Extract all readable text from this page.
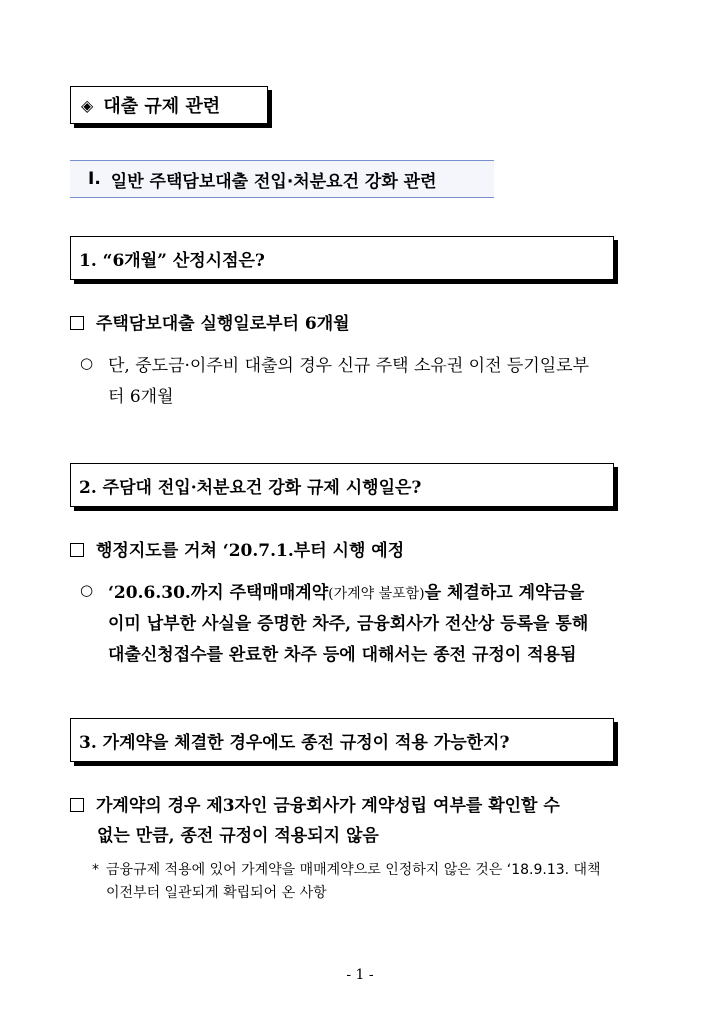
◈ 대출 규제 관련
Ⅰ. 일반 주택담보대출 전입·처분요건 강화 관련
1. “6개월” 산정시점은?
주택담보대출 실행일로부터 6개월
○ 단, 중도금·이주비 대출의 경우 신규 주택 소유권 이전 등기일로부
터 6개월
2. 주담대 전입·처분요건 강화 규제 시행일은?
행정지도를 거쳐 ‘20.7.1.부터 시행 예정
○ ‘20.6.30.까지 주택매매계약(가계약 불포함)을 체결하고 계약금을
이미 납부한 사실을 증명한 차주, 금융회사가 전산상 등록을 통해
대출신청접수를 완료한 차주 등에 대해서는 종전 규정이 적용됨
3. 가계약을 체결한 경우에도 종전 규정이 적용 가능한지?
가계약의 경우 제3자인 금융회사가 계약성립 여부를 확인할 수
없는 만큼, 종전 규정이 적용되지 않음
* 금융규제 적용에 있어 가계약을 매매계약으로 인정하지 않은 것은 ‘18.9.13. 대책
이전부터 일관되게 확립되어 온 사항
- 1 -
